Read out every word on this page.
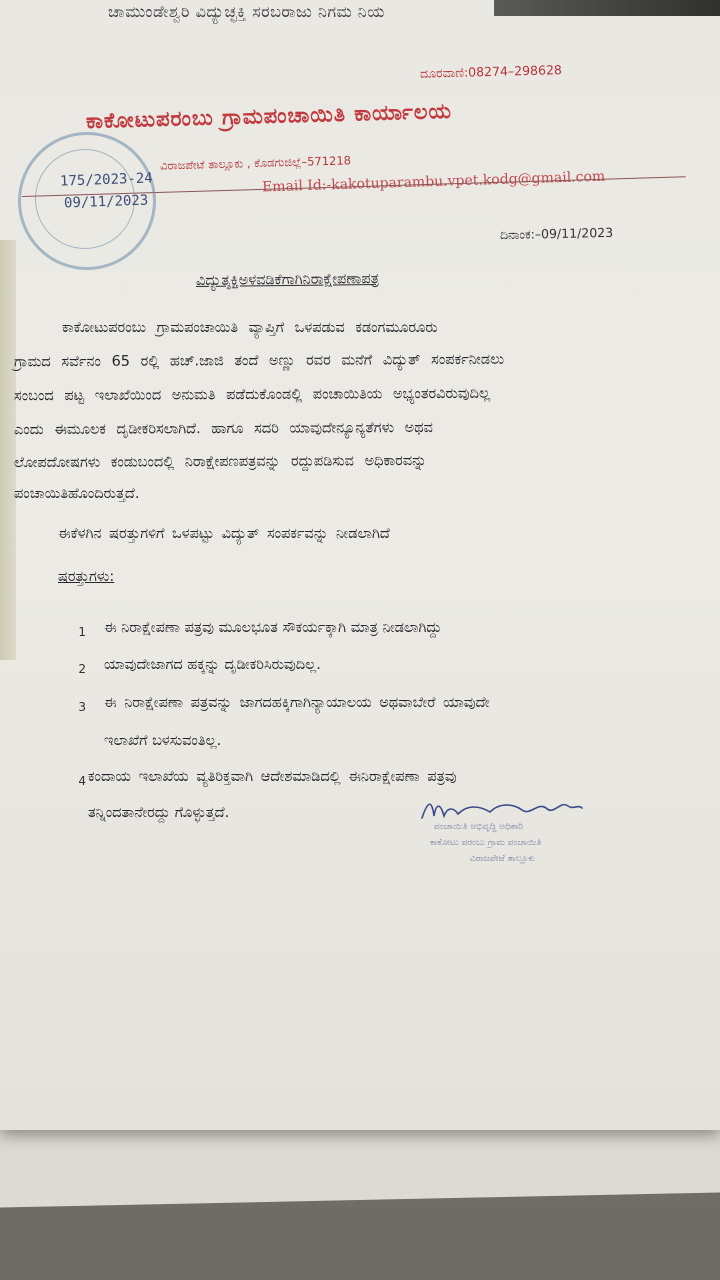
ಚಾಮುಂಡೇಶ್ವರಿ ವಿದ್ಯುಚ್ಛಕ್ತಿ ಸರಬರಾಜು ನಿಗಮ ನಿಯ
ದೂರವಾಣಿ:08274–298628
ಕಾಕೋಟುಪರಂಬು ಗ್ರಾಮಪಂಚಾಯಿತಿ ಕಾರ್ಯಾಲಯ
ವಿರಾಜಪೇಟೆ ತಾಲ್ಲೂಕು , ಕೊಡಗುಜಿಲ್ಲೆ–571218
Email Id:-kakotuparambu.vpet.kodg@gmail.com
175/2023-24
09/11/2023
ದಿನಾಂಕ:–09/11/2023
ವಿದ್ಯುತ್ಶಕ್ತಿಅಳವಡಿಕೆಗಾಗಿನಿರಾಕ್ಷೇಪಣಾಪತ್ರ
ಕಾಕೋಟುಪರಂಬು ಗ್ರಾಮಪಂಚಾಯಿತಿ ವ್ಯಾಪ್ತಿಗೆ ಒಳಪಡುವ ಕಡಂಗಮೂರೂರು
ಗ್ರಾಮದ ಸರ್ವೆನಂ 65 ರಲ್ಲಿ ಹಚ್.ಜಾಜಿ ತಂದೆ ಅಣ್ಣು ರವರ ಮನೆಗೆ ವಿದ್ಯುತ್ ಸಂಪರ್ಕನೀಡಲು
ಸಂಬಂದ ಪಟ್ಟ ಇಲಾಖೆಯಿಂದ ಅನುಮತಿ ಪಡೆದುಕೊಂಡಲ್ಲಿ ಪಂಚಾಯಿತಿಯ ಅಭ್ಯಂತರವಿರುವುದಿಲ್ಲ
ಎಂದು ಈಮೂಲಕ ದೃಡೀಕರಿಸಲಾಗಿದೆ. ಹಾಗೂ ಸದರಿ ಯಾವುದೇನ್ಯೂನ್ಯತೆಗಳು ಅಥವ
ಲೋಪದೋಷಗಳು ಕಂಡುಬಂದಲ್ಲಿ ನಿರಾಕ್ಷೇಪಣಪತ್ರವನ್ನು ರದ್ದುಪಡಿಸುವ ಅಧಿಕಾರವನ್ನು
ಪಂಚಾಯಿತಿಹೊಂದಿರುತ್ತದೆ.
ಈಕೆಳಗಿನ ಷರತ್ತುಗಳಿಗೆ ಒಳಪಟ್ಟು ವಿದ್ಯುತ್ ಸಂಪರ್ಕವನ್ನು ನೀಡಲಾಗಿದೆ
ಷರತ್ತುಗಳು:
1 ಈ ನಿರಾಕ್ಷೇಪಣಾ ಪತ್ರವು ಮೂಲಭೂತ ಸೌಕರ್ಯಕ್ಕಾಗಿ ಮಾತ್ರ ನೀಡಲಾಗಿದ್ದು
2 ಯಾವುದೇಜಾಗದ ಹಕ್ಕನ್ನು ದೃಡೀಕರಿಸಿರುವುದಿಲ್ಲ.
3 ಈ ನಿರಾಕ್ಷೇಪಣಾ ಪತ್ರವನ್ನು ಜಾಗದಹಕ್ಕಿಗಾಗಿನ್ಯಾಯಾಲಯ ಅಥವಾಬೇರೆ ಯಾವುದೇ
ಇಲಾಖೆಗೆ ಬಳಸುವಂತಿಲ್ಲ.
4 ಕಂದಾಯ ಇಲಾಖೆಯ ವ್ಯತಿರಿಕ್ತವಾಗಿ ಆದೇಶಮಾಡಿದಲ್ಲಿ ಈನಿರಾಕ್ಷೇಪಣಾ ಪತ್ರವು
ತನ್ನಿಂದತಾನೇರದ್ದು ಗೊಳ್ಳುತ್ತದೆ.
ಪಂಚಾಯಿತಿ ಅಭಿವೃದ್ಧಿ ಅಧಿಕಾರಿ
ಕಾಕೋಟು ಪರಂಬು ಗ್ರಾಮ ಪಂಚಾಯಿತಿ
ವಿರಾಜಪೇಟೆ ತಾಲ್ಲೂಕು
